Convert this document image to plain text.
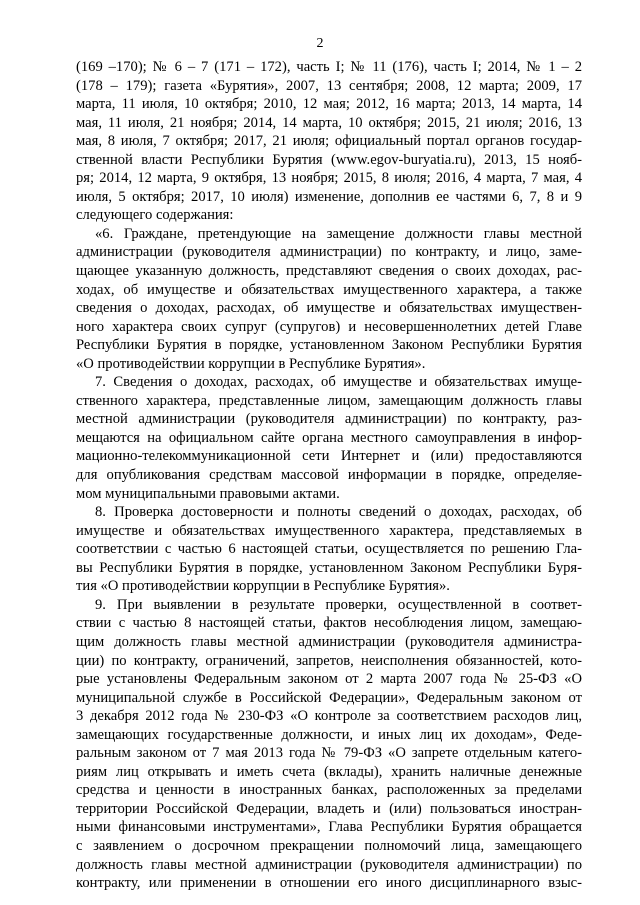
2
(169 –170); № 6 – 7 (171 – 172), часть I; № 11 (176), часть I; 2014, № 1 – 2
(178 – 179); газета «Бурятия», 2007, 13 сентября; 2008, 12 марта; 2009, 17
марта, 11 июля, 10 октября; 2010, 12 мая; 2012, 16 марта; 2013, 14 марта, 14
мая, 11 июля, 21 ноября; 2014, 14 марта, 10 октября; 2015, 21 июля; 2016, 13
мая, 8 июля, 7 октября; 2017, 21 июля; официальный портал органов государ-
ственной власти Республики Бурятия (www.egov-buryatia.ru), 2013, 15 нояб-
ря; 2014, 12 марта, 9 октября, 13 ноября; 2015, 8 июля; 2016, 4 марта, 7 мая, 4
июля, 5 октября; 2017, 10 июля) изменение, дополнив ее частями 6, 7, 8 и 9
следующего содержания:
«6. Граждане, претендующие на замещение должности главы местной
администрации (руководителя администрации) по контракту, и лицо, заме-
щающее указанную должность, представляют сведения о своих доходах, рас-
ходах, об имуществе и обязательствах имущественного характера, а также
сведения о доходах, расходах, об имуществе и обязательствах имуществен-
ного характера своих супруг (супругов) и несовершеннолетних детей Главе
Республики Бурятия в порядке, установленном Законом Республики Бурятия
«О противодействии коррупции в Республике Бурятия».
7. Сведения о доходах, расходах, об имуществе и обязательствах имуще-
ственного характера, представленные лицом, замещающим должность главы
местной администрации (руководителя администрации) по контракту, раз-
мещаются на официальном сайте органа местного самоуправления в инфор-
мационно-телекоммуникационной сети Интернет и (или) предоставляются
для опубликования средствам массовой информации в порядке, определяе-
мом муниципальными правовыми актами.
8. Проверка достоверности и полноты сведений о доходах, расходах, об
имуществе и обязательствах имущественного характера, представляемых в
соответствии с частью 6 настоящей статьи, осуществляется по решению Гла-
вы Республики Бурятия в порядке, установленном Законом Республики Буря-
тия «О противодействии коррупции в Республике Бурятия».
9. При выявлении в результате проверки, осуществленной в соответ-
ствии с частью 8 настоящей статьи, фактов несоблюдения лицом, замещаю-
щим должность главы местной администрации (руководителя администра-
ции) по контракту, ограничений, запретов, неисполнения обязанностей, кото-
рые установлены Федеральным законом от 2 марта 2007 года № 25-ФЗ «О
муниципальной службе в Российской Федерации», Федеральным законом от
3 декабря 2012 года № 230-ФЗ «О контроле за соответствием расходов лиц,
замещающих государственные должности, и иных лиц их доходам», Феде-
ральным законом от 7 мая 2013 года № 79-ФЗ «О запрете отдельным катего-
риям лиц открывать и иметь счета (вклады), хранить наличные денежные
средства и ценности в иностранных банках, расположенных за пределами
территории Российской Федерации, владеть и (или) пользоваться иностран-
ными финансовыми инструментами», Глава Республики Бурятия обращается
с заявлением о досрочном прекращении полномочий лица, замещающего
должность главы местной администрации (руководителя администрации) по
контракту, или применении в отношении его иного дисциплинарного взыс-
